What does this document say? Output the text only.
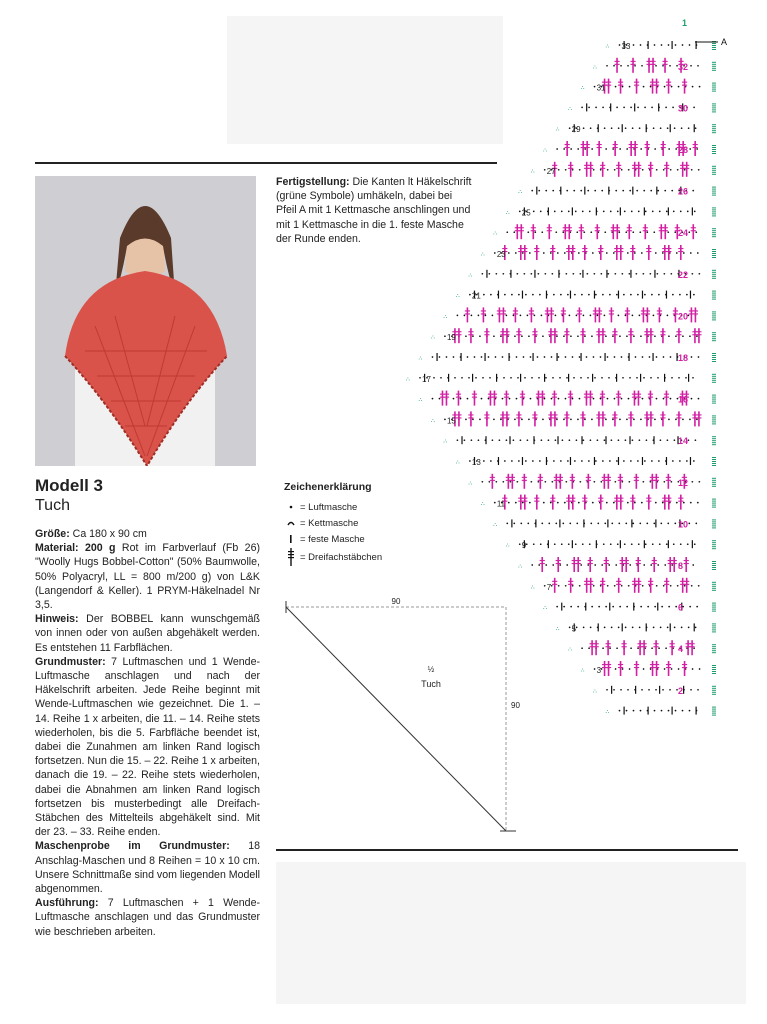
Modell 3
Tuch

Größe: Ca 180 x 90 cm

Material: 200 g Rot im Farbverlauf (Fb 26) "Woolly Hugs Bobbel-Cotton" (50% Baumwolle, 50% Polyacryl, LL = 800 m/200 g) von L&K (Langendorf & Keller). 1 PRYM-Häkelnadel Nr 3,5.

Hinweis: Der BOBBEL kann wunschgemäß von innen oder von außen abgehäkelt werden. Es entstehen 11 Farbflächen.

Grundmuster: 7 Luftmaschen und 1 Wende-Luftmasche anschlagen und nach der Häkelschrift arbeiten. Jede Reihe beginnt mit Wende-Luftmaschen wie gezeichnet. Die 1. – 14. Reihe 1 x arbeiten, die 11. – 14. Reihe stets wiederholen, bis die 5. Farbfläche beendet ist, dabei die Zunahmen am linken Rand logisch fortsetzen. Nun die 15. – 22. Reihe 1 x arbeiten, danach die 19. – 22. Reihe stets wiederholen, dabei die Abnahmen am linken Rand logisch fortsetzen bis musterbedingt alle Dreifach-Stäbchen des Mittelteils abgehäkelt sind. Mit der 23. – 33. Reihe enden.

Maschenprobe im Grundmuster: 18 Anschlag-Maschen und 8 Reihen = 10 x 10 cm. Unsere Schnittmaße sind vom liegenden Modell abgenommen.

Ausführung: 7 Luftmaschen + 1 Wende-Luftmasche anschlagen und das Grundmuster wie beschrieben arbeiten.

Fertigstellung: Die Kanten lt Häkelschrift (grüne Symbole) umhäkeln, dabei bei Pfeil A mit 1 Kettmasche anschlingen und mit 1 Kettmasche in die 1. feste Masche der Runde enden.
Zeichenerklärung
= Luftmasche
= Kettmasche
= feste Masche
= Dreifachstäbchen
∴
∴
∴
∴
∴
∴
∴
∴
∴
∴
∴
∴
∴
∴
∴
∴
∴
∴
∴
∴
∴
∴
∴
∴
∴
∴
∴
∴
∴
∴
∴
∴
∴
2
4
6
8
10
12
14
16
18
20
22
24
26
28
30
32
3
5
7
9
11
13
15
17
19
21
23
25
27
29
31
33	A
1
90
90
½
Tuch
